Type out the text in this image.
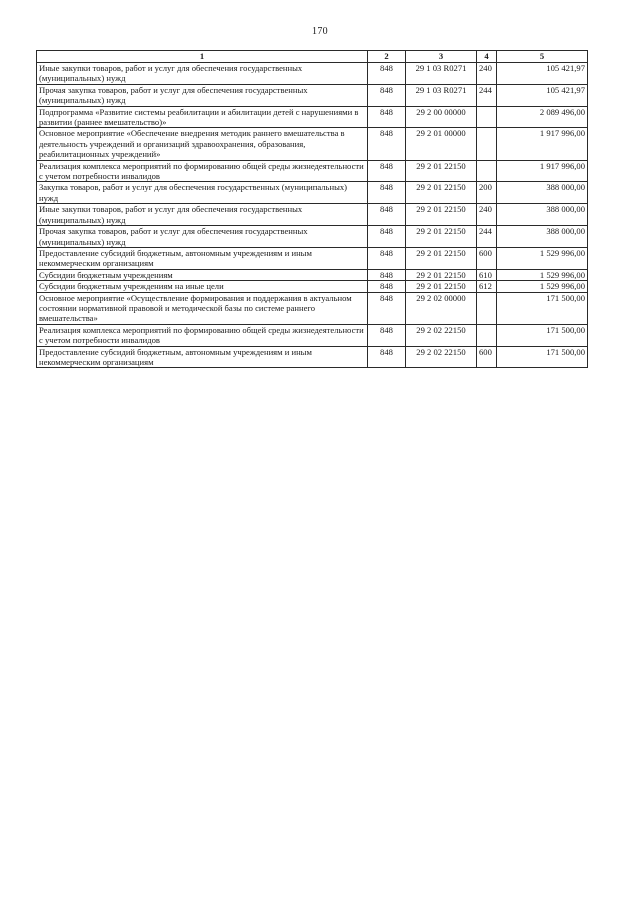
170
1	2	3	4	5
Иные закупки товаров, работ и услуг для обеспечения государственных (муниципальных) нужд	848	29 1 03 R0271	240	105 421,97
Прочая закупка товаров, работ и услуг для обеспечения государственных (муниципальных) нужд	848	29 1 03 R0271	244	105 421,97
Подпрограмма «Развитие системы реабилитации и абилитации детей с нарушениями в развитии (раннее вмешательство)»	848	29 2 00 00000		2 089 496,00
Основное мероприятие «Обеспечение внедрения методик раннего вмешательства в деятельность учреждений и организаций здравоохранения, образования, реабилитационных учреждений»	848	29 2 01 00000		1 917 996,00
Реализация комплекса мероприятий по формированию общей среды жизнедеятельности с учетом потребности инвалидов	848	29 2 01 22150		1 917 996,00
Закупка товаров, работ и услуг для обеспечения государственных (муниципальных) нужд	848	29 2 01 22150	200	388 000,00
Иные закупки товаров, работ и услуг для обеспечения государственных (муниципальных) нужд	848	29 2 01 22150	240	388 000,00
Прочая закупка товаров, работ и услуг для обеспечения государственных (муниципальных) нужд	848	29 2 01 22150	244	388 000,00
Предоставление субсидий бюджетным, автономным учреждениям и иным некоммерческим организациям	848	29 2 01 22150	600	1 529 996,00
Субсидии бюджетным учреждениям	848	29 2 01 22150	610	1 529 996,00
Субсидии бюджетным учреждениям на иные цели	848	29 2 01 22150	612	1 529 996,00
Основное мероприятие «Осуществление формирования и поддержания в актуальном состоянии нормативной правовой и методической базы по системе раннего вмешательства»	848	29 2 02 00000		171 500,00
Реализация комплекса мероприятий по формированию общей среды жизнедеятельности с учетом потребности инвалидов	848	29 2 02 22150		171 500,00
Предоставление субсидий бюджетным, автономным учреждениям и иным некоммерческим организациям	848	29 2 02 22150	600	171 500,00
